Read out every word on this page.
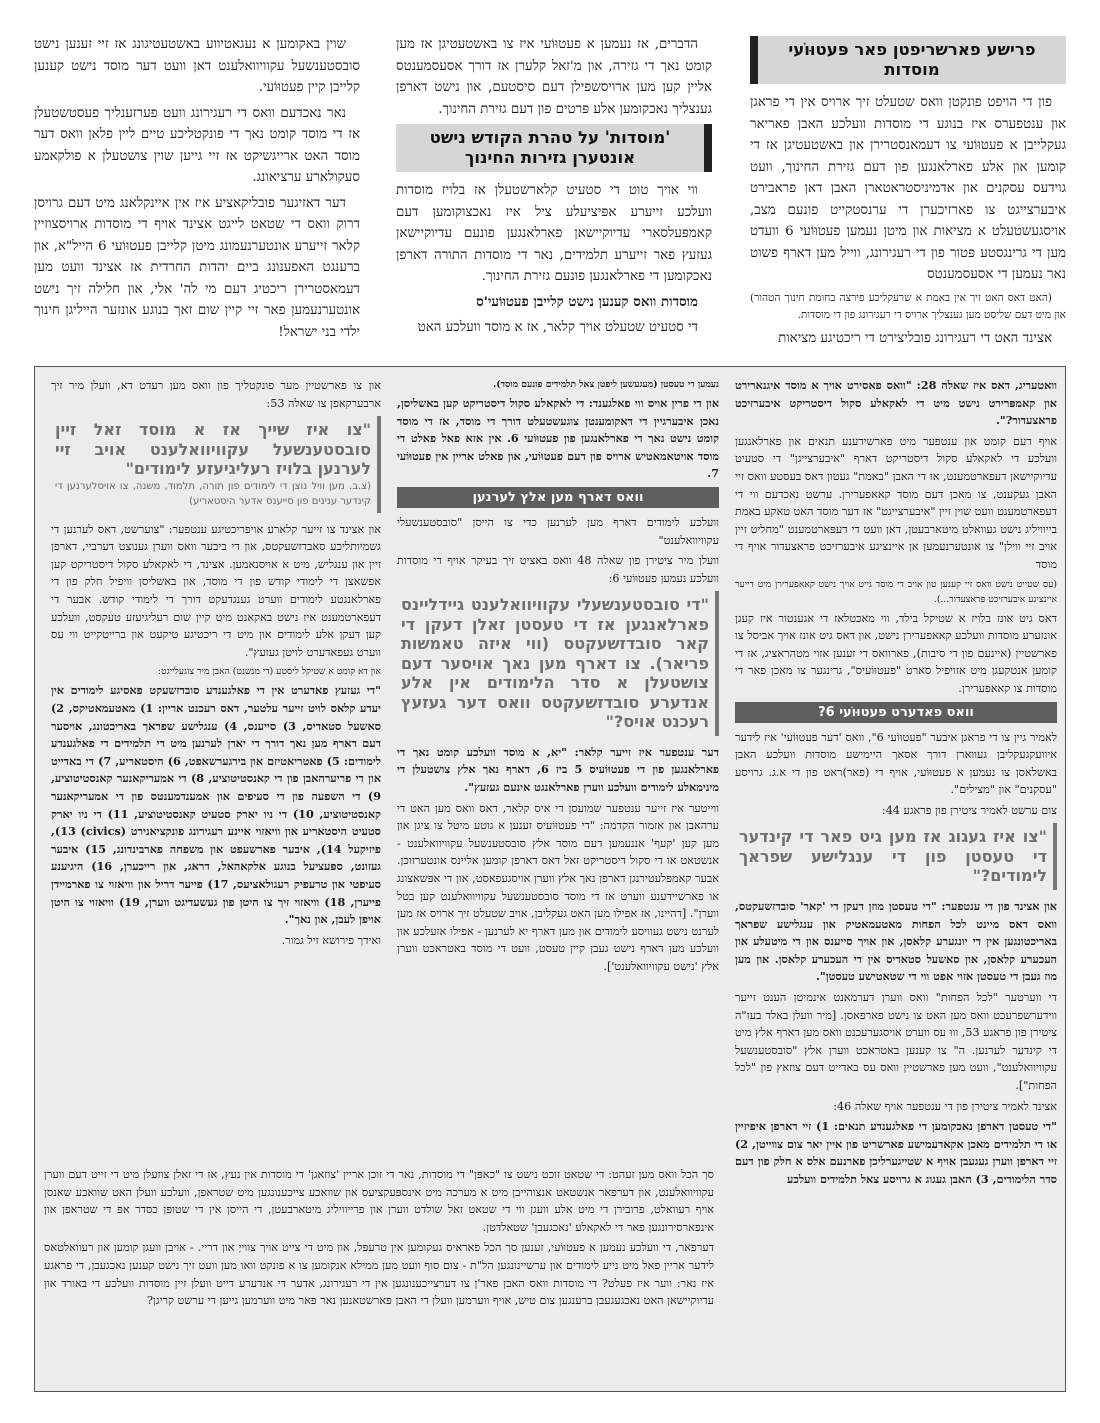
פרישע פארשריפטן פאר פּעטוּוֹעי מוסדות

פון די הויפט פונקטן וואס שטעלט זיך ארויס אין די פראגן און ענטפערס איז בנוגע די מוסדות וועלכע האבן פאריאר געקלייבן א פעטוּוֹעי צו דעמאנסטרירן און באשטעטיגן אז די קומען און אלע פארלאנגען פון דעם גזירת החינוך, וועט גוידעס עסקנים און אדמיניסטראטארן האבן דאן פראבירט איבערצייגט צו פארזיכערן די ערנסטקייט פונעם מצב, אויסגעשטעלט א מציאות און מיטן נעמען פעטוּוֹעי 6 וועדט מען די גרינגסטע פּטור פון די רעגירונג, ווייל מען דארף פשוט נאר נעמען די אסעסמענטס

(האט דאס האט זיך אין באמת א שרעקליכע פירצה בחומת חינוך הטהור) און מיט דעם שליסט מען גענצליך ארויס די רעגירונג פון די מוסדות.

אצינד האט די רעגירונג פובליצירט די ריכטיגע מציאות

הדברים, אז נעמען א פעטוּוֹעי איז צו באשטעטיגן אז מען קומט נאך די גזירה, און מ'זאל קלערן אז דורך אסעסמענטס אליין קען מען ארויסשפילן דעם סיסטעם, און נישט דארפן גענצליך נאכקומען אלע פּרטים פון דעם גזירת החינוך.

'מוסדות' על טהרת הקודש נישט אונטערן גזירות החינוך

ווי אויך טוט די סטעיט קלארשטעלן אז בלויז מוסדות וועלכע זייערע אפּיציעלע ציל איז נאכצוקומען דעם קאמפּעלסארי עדיוקיישאן פארלאנגען פונעם עדיוקיישאן געזעץ פאר זייערע תלמידים, נאר די מוסדות התורה דארפן נאכקומען די פארלאנגען פונעם גזירת החינוך.

מוסדות וואס קענען נישט קלייבן פעטוּוֹעי'ס

די סטעיט שטעלט אויך קלאר, אז א מוסד וועלכע האט

שוין באקומען א נעגאטיווע באשטעטיגונג אז זיי זענען נישט סובסטענשעל עקוויוואלענט דאן וועט דער מוסד נישט קענען קלייבן קיין פעטוּוֹעי.

נאר נאכדעם וואס די רעגירונג וועט פערזענליך פעסטשטעלן אז די מוסד קומט נאך די פונקטליכע טיים ליין פלאן וואס דער מוסד האט ארייגשיקט אז זיי גייען שוין צושטעלן א פולקאמע סעקולארע ערציאונג.

דער דאזיגער פובליקאציע איז אין איינקלאנג מיט דעם גרויסן דרוק וואס די שטאט לייגט אצינד אויף די מוסדות ארויסצוזיין קלאר זייערע אונטערנעמונג מיטן קלייבן פעטוּוֹעי 6 הייל"א, און ברענגט האפענונג ביים יהדות החרדית אז אצינד וועט מען דעמאסטרירן ריכטיג דעם מי לה' אלי, און חלילה זיך נישט אונטערנעמען פאר זיי קיין שום זאך בנוגע אונזער הייליגן חינוך ילדי בני ישראל!

וואטעריג, דאס איז שאלה 28: "וואס פאסירט אויך א מוסד איגנארירט און קאמפּרירט נישט מיט די לאקאלע סקול דיסטריקט איבערזיכט פראצעדור?".

אויף דעם קומט און ענטפער מיט פארשידענע תנאים און פארלאנגען וועלכע די לאקאלע סקול דיסטריקט דארף "איבערצייגן" די סטעיט עדיוקיישאן דעפארטמענט, אז די האבן "באמת" געטון דאס בעסטע וואס זיי האבן געקענט, צו מאכן דעם מוסד קאאפערירן. ערשט נאכדעם ווי די דעפארטמענט וועט שוין זיין "איבערצייגט" אז דער מוסד האט טאקע באמת בייוויליג נישט געוואלט מיטארבעטן, דאן וועט די דעפּארטמענט "מחליט זיין אויב זיי ווילן" צו אונטערנעמען אן איינציגע איבערזיכט פראצעדור אויף די מוסד

(עס שטייט נישט וואס זיי קענען טון אויב די מוסד גייט אויך נישט קאאפערירן מיט דייער איינציגע איבערזיכט פּראצעדור...).

דאס גיט אונז בלויז א שטיקל בילד, ווי מאכטלאז די אגענטור איז קעגן אונזערע מוסדות וועלכע קאאפערירן נישט, און דאס גיט אונז אויך אביסל צו פארשטיין (איינעם פון די סיבות), פארוואס די זענען אזוי מטהראציג, אז די קומען אנטקעגן מיט אזויפיל סארט "פעטוּוֹעיס", גרינגער צו מאכן פאר די מוסדות צו קאאפערירן.

וואס פאדערט פעטוּוֹעי 6?

לאמיר גיין צו די פראגן איבער "פעטוּוֹעי 6", וואס 'דער פעטוּוֹעי' איז לידער איוועקגעקליבן געווארן דורך אסאך היימישע מוסדות וועלכע האבן באשלאסן צו נעמען א פעטוּוֹעי, אויף די (פאר)ראט פון די א.ג. גרויסע "עסקנים" און "מצילים".

צום ערשט לאמיר ציטירן פון פראגע 44:

"צו איז געגוג אז מען גיט פאר די קינדער די טעסטן פון די ענגלישע שפראך לימודים?"

און אצינד פון די ענטפער: "די טעסטן מוזן דעקן די 'קאר' סובדזשעקטס, וואס דאס מיינט לכל הפחות מאטעמאטיק און ענגלישע שפראך באריכטונגען אין די יונגערע קלאסן, און אויך סייענס און די מיטעלע און העכערע קלאסן, און סאשעל סטאדיס אין די העכערע קלאסן. און מען מוז געבן די טעסטן אזוי אפט ווי די שטאטישע טעסטן".

די ווערטער "לכל הפחות" וואס ווערן דערמאנט אינמיטן הענט זייער ווידערשפרעכט וואס מען האט צו נישט פארפאסן. [מיר וועלן באלד בעז"ה ציטירן פון פראגע 53, וווּ עס ווערט אויסגערעכנט וואס מען דארף אלץ מיט די קינדער לערנען. ה" צו קענען באטראכט ווערן אלץ "סובסטענשעל עקוויוואלענט", וועט מען פארשטיין וואס עס באדייט דעם צוזאץ פון "לכל הפחות"].

אצינד לאמיר ציטירן פון די ענטפער אויף שאלה 46:

"די טעסטן דארפן נאכקומען די פאלגענדע תנאים: 1) זיי דארפן איפיזיין או די תלמידים מאכן אקאדעמישע פארשריט פון איין יאר צום צווייטן, 2) זיי דארפן ווערן געגעבן אויף א שטייגערליכן פארנעם אלס א חלק פון דעם סדר הלימודים, 3) האבן געגוג א גרויסע צאל תלמידים וועלכע

נעמען די טעסטן (מעגעשען ליפטן צאל תלמידים פונעם מוסד).

און די פרין אויס ווי פאלגענד: די לאקאלע סקול דיסטריקט קען באשליסן, נאכן איבערגיין די דאקומענטן צוגעשטעלט דורך די מוסד, אז די מוסד קומט נישט נאך די פארלאנגען פון פעטוּוֹעי 6. אין אזא פאל פאלט די מוסד אויטאמאטיש ארויס פון דעם פעטוּוֹעי, און פאלט אריין אין פעטוּוֹעי 7.

וואס דארף מען אלץ לערנען

וועלכע לימודים דארף מען לערנען כדי צו הייסן "סובסטענשעלי עקוויוואלענט"

וועלן מיר ציטירן פון שאלה 48 וואס באציט זיך בעיקר אויף די מוסדות וועלכע נעמען פעטוּוֹעי 6:

"די סובסטענשעלי עקוויוואלענט גיידליינס פארלאנגען אז די טעסטן זאלן דעקן די קאר סובדזשעקטס (ווי איזה טאמשות פריאר). צו דארף מען נאך אויסער דעם צושטעלן א סדר הלימודים אין אלע אנדערע סובדזשעקטס וואס דער געזעץ רעכנט אויס?"

דער ענטפער איז זייער קלאר: "יא, א מוסד וועלכע קומט נאך די פארלאנגען פון די פעטוּוֹעיס 5 ביז 6, דארף נאך אלץ צושטעלן די מינימאלע לימודים וועלכע ווערן פארלאנגט אינעם געזעץ".

ווייטער איז זייער ענטפער שמועסן די איס קלאר, דאס וואס מען האט די ערהאבן און אזמור הקדמה: "די פעטוּוֹעיס זענען א גוטע מיטל צו ציגן און מען קען 'קעף' אננעמען דעם מוסד אלץ סובסטענשעל עקוויוואלענט - אנשטאט או די סקול דיסטריקט זאל דאס דארפן קומען אליינס אונטערזוכן. אבער קאמפּלעטירנגן דארפן נאך אלץ ווערן אויסגעפאסט, און די אפּשאצונג או פארשיידענע ווערט אז די מוסד סובסטענשעל עקוויוואלענט קען בטל ווערן". [דהיינו, אז אפילו מען האט געקליבן, אויב שטעלט זיך ארויס אז מען לערנט נישט געוויסע לימודים און מען דארף יא לערנען - אפילו אזעלכע און וועלכע מען דארף נישט געבן קיין טעסט, וועט די מוסד באטראכט ווערן אלץ 'נישט עקוויוואלענט'].

און צו פארשטיין מער פונקטליך פון וואס מען רעדט דא, וועלן מיר זיך ארבערקאפן צו שאלה 53:

"צו איז שייך אז א מוסד זאל זיין סובסטענשעל עקוויוואלענט אויב זיי לערנען בלויז רעליגיעזע לימודים"
(צ.ב. מען וויל נוצן די לימודים פון תורה, תלמוד, משנה, צו אויסלערנען די קינדער ענינים פון סייענס אדער היסטאריע)

און אצינד צו זייער קלארע אויפריכטיגע ענטפער: "צוערשט, דאס לערנען די גשמיותליכע סאבדזשעקטס, און די ביבער וואס ווערן גענוצט דערביי, דארפן זיין און ענגליש, מיט א אויסנאמען. אצינד, די לאקאלע סקול דיסטריקט קען אפשאצן די לימודי קודש פון די מוסד, און באשליסן וויפיל חלק פון די פארלאנגטע לימודים ווערט גענגדעקט דורך די לימודי קודש. אבער די דעפארטמענט איז נישט באקאנט מיט קיין שום רעליגיעזע טעקסט, וועלכע קען דעקן אלע לימודים און מיט די ריכטיגע טיקעט און ברייטקייט ווי עס ווערט געפאדערט לויטן געזעץ".

און דא קומט א שטיקל ליסטע (די מנשנט) האבן מיר צוגעלייגט:

"די געזעץ פאדערט אין די פאלגענדע סובדזשעקט פאסיגע לימודים אין יעדע קלאס לויט זייער עלטער, דאס רעכנט אריין: 1) מאטעמאטיקס, 2) סאשעל סטאדיס, 3) סייענס, 4) ענגלישע שפראך באריכטונג, אויסער דעם דארף מען נאך דורך די יארן לערנען מיט די תלמידים די פאלגענדע לימודים: 5) פאטריאטיזם און בירגערשאפט, 6) היסטאריע, 7) די באדייט און די פריערהאבן פון די קאנסטיטוציע, 8) די אמעריקאנער קאנסטיטוציע, 9) די השפעה פון די סעיפים און אמענדמענטס פון די אמעריקאנער קאנסטיטוציע, 10) די ניו יארק סטעיט קאנסטיטוציע, 11) די ניו יארק סטעיט היסטאריע און וויאזוי איינע רעגירונג פונקציאנירט (civics) 13), פיזיקעל 14), איבער פארשעפט און משפחה פארבינדונג, 15) איבער געזונט, ספּעציעל בנוגע אלקאהאל, דראג, און רייכערן, 16) היגיענע סעיפטי און טרעפיק רעגולאציעס, 17) פייער דריל און וויאזוי צו פארמיידן פייערן, 18) וויאזוי זיך צו היטן פון געשעדיגט ווערן, 19) וויאזוי צו היטן אויפן לעבן, און נאך".

ואידך פירושא זיל גמור.

סך הכל וואס מען זעהט: די שטאט זוכט נישט צו "כאפּן" די מוסדות, נאר די זוכן אריין 'צוזאגן' די מוסדות אין נעץ, אז די זאלן צוזעלן מיט די זייט דעם ווערן עקוויוואלענט, און דערפאר אנשטאט אנצוהייבן מיט א מערכה מיט אינספּעקציעס און שוואכע צייכענונגען מיט שטראפן, וועלכע וועלן האט שוואכע שאנסן אויף רעוואלט, פרובירן די מיט אלע וועגן ווי די שטאט זאל שולדט ווערן און פרייוויליג מיטארבעטן, די הייסן אין די שטופּן כסדר אפּ די שטראפן און אינפארסירונגען פאר די לאקאלע 'נאכגעבן' שטאלדטן.

דערפאר, די וועלכע נעמען א פעטוּוֹעי, זענען סך הכל פאראיס געקומען אין טרעפּל, און מיט די צייט אויך צווייַ און דריי. - אויבן וועגן קומען און רעוואלטאס לידער אריין פאל מיט נייע לימודים און ערשיינונגען הל"ת - צום סוף וועט מען ממילא אנקומען צו א פונקט וואו מען וועט זיך נישט קענען נאכגעבן, די פראגע איז נאר: ווער איז פעלט? די מוסדות וואס האבן פאר'ן צו דערצייכענונגען אין די רעגירונג, אדער די אנדערע דייט וועלן זיין מוסדות וועלכע די באורד און עדיוקיישאן האט נאכגעגעבן ברענגען צום טיש, אויף ווערמען וועלן די האבן פארשטאנען נאר פאר מיט ווערמען גייען די ערשט קריגן?
